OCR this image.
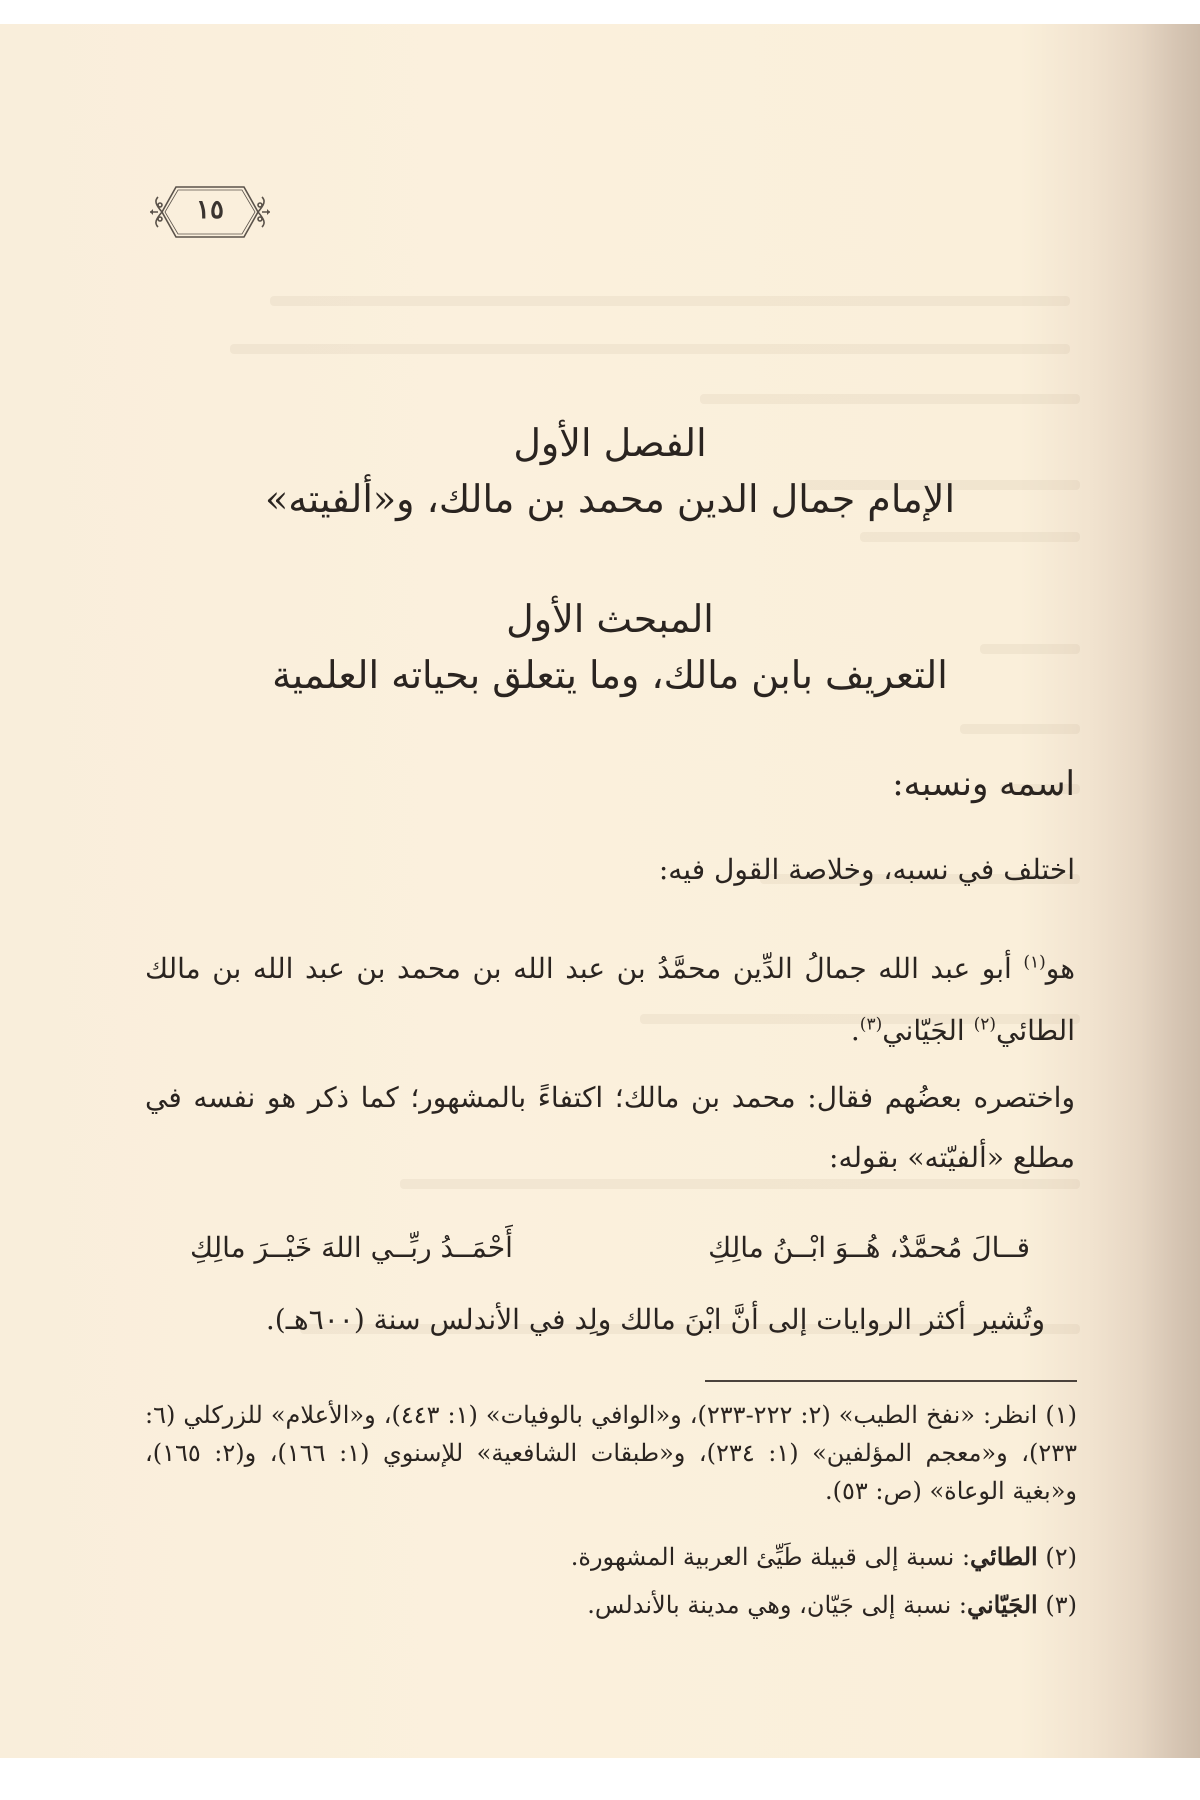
١٥
الفصل الأول
الإمام جمال الدين محمد بن مالك، و«ألفيته»
المبحث الأول
التعريف بابن مالك، وما يتعلق بحياته العلمية
اسمه ونسبه:
اختلف في نسبه، وخلاصة القول فيه:
هو$^{(١)}$ أبو عبد الله جمالُ الدِّين محمَّدُ بن عبد الله بن محمد بن عبد الله بن مالك الطائي$^{(٢)}$ الجَيّاني$^{(٣)}$.
واختصره بعضُهم فقال: محمد بن مالك؛ اكتفاءً بالمشهور؛ كما ذكر هو نفسه في مطلع «ألفيّته» بقوله:
قــالَ مُحمَّدٌ، هُــوَ ابْــنُ مالِكِ
أَحْمَــدُ ربِّــي اللهَ خَيْــرَ مالِكِ
وتُشير أكثر الروايات إلى أنَّ ابْنَ مالك ولِد في الأندلس سنة (٦٠٠هـ).
(١) انظر: «نفخ الطيب» (٢: ٢٢٢-٢٣٣)، و«الوافي بالوفيات» (١: ٤٤٣)، و«الأعلام» للزركلي (٦: ٢٣٣)، و«معجم المؤلفين» (١: ٢٣٤)، و«طبقات الشافعية» للإسنوي (١: ١٦٦)، و(٢: ١٦٥)، و«بغية الوعاة» (ص: ٥٣).
(٢) الطائي: نسبة إلى قبيلة طَيِّئ العربية المشهورة.
(٣) الجَيّاني: نسبة إلى جَيّان، وهي مدينة بالأندلس.
